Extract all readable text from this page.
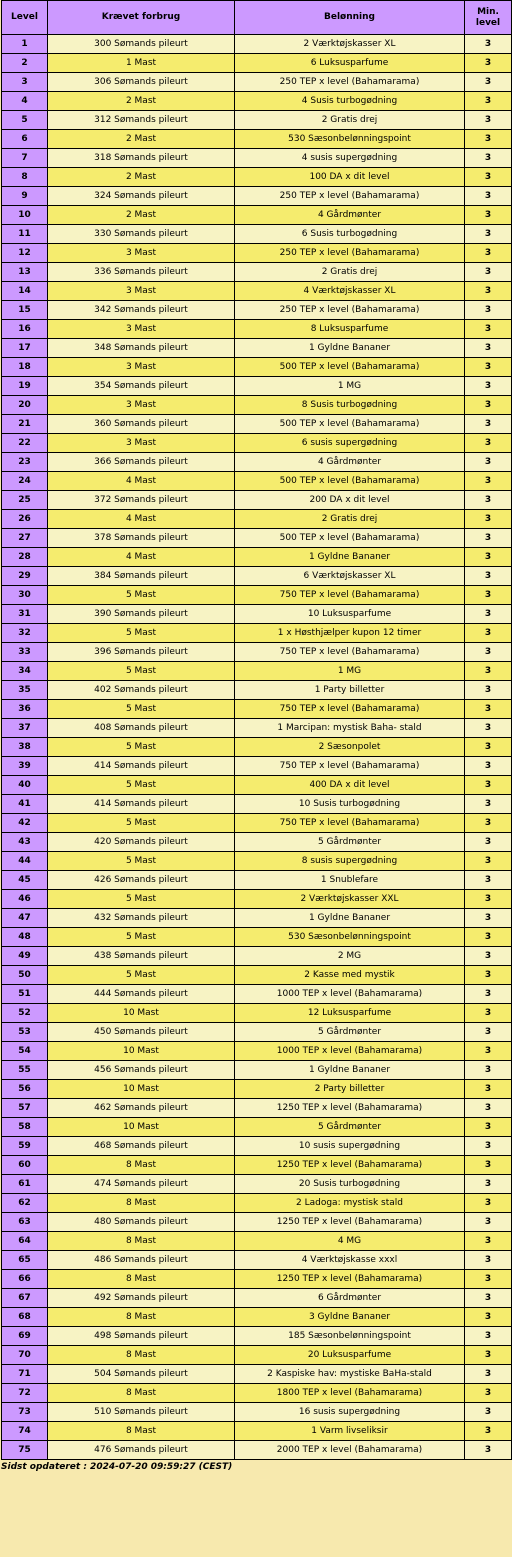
Level	Krævet forbrug	Belønning	Min. level
1	300 Sømands pileurt	2 Værktøjskasser XL	3
2	1 Mast	6 Luksusparfume	3
3	306 Sømands pileurt	250 TEP x level (Bahamarama)	3
4	2 Mast	4 Susis turbogødning	3
5	312 Sømands pileurt	2 Gratis drej	3
6	2 Mast	530 Sæsonbelønningspoint	3
7	318 Sømands pileurt	4 susis supergødning	3
8	2 Mast	100 DA x dit level	3
9	324 Sømands pileurt	250 TEP x level (Bahamarama)	3
10	2 Mast	4 Gårdmønter	3
11	330 Sømands pileurt	6 Susis turbogødning	3
12	3 Mast	250 TEP x level (Bahamarama)	3
13	336 Sømands pileurt	2 Gratis drej	3
14	3 Mast	4 Værktøjskasser XL	3
15	342 Sømands pileurt	250 TEP x level (Bahamarama)	3
16	3 Mast	8 Luksusparfume	3
17	348 Sømands pileurt	1 Gyldne Bananer	3
18	3 Mast	500 TEP x level (Bahamarama)	3
19	354 Sømands pileurt	1 MG	3
20	3 Mast	8 Susis turbogødning	3
21	360 Sømands pileurt	500 TEP x level (Bahamarama)	3
22	3 Mast	6 susis supergødning	3
23	366 Sømands pileurt	4 Gårdmønter	3
24	4 Mast	500 TEP x level (Bahamarama)	3
25	372 Sømands pileurt	200 DA x dit level	3
26	4 Mast	2 Gratis drej	3
27	378 Sømands pileurt	500 TEP x level (Bahamarama)	3
28	4 Mast	1 Gyldne Bananer	3
29	384 Sømands pileurt	6 Værktøjskasser XL	3
30	5 Mast	750 TEP x level (Bahamarama)	3
31	390 Sømands pileurt	10 Luksusparfume	3
32	5 Mast	1 x Høsthjælper kupon 12 timer	3
33	396 Sømands pileurt	750 TEP x level (Bahamarama)	3
34	5 Mast	1 MG	3
35	402 Sømands pileurt	1 Party billetter	3
36	5 Mast	750 TEP x level (Bahamarama)	3
37	408 Sømands pileurt	1 Marcipan: mystisk Baha- stald	3
38	5 Mast	2 Sæsonpolet	3
39	414 Sømands pileurt	750 TEP x level (Bahamarama)	3
40	5 Mast	400 DA x dit level	3
41	414 Sømands pileurt	10 Susis turbogødning	3
42	5 Mast	750 TEP x level (Bahamarama)	3
43	420 Sømands pileurt	5 Gårdmønter	3
44	5 Mast	8 susis supergødning	3
45	426 Sømands pileurt	1 Snublefare	3
46	5 Mast	2 Værktøjskasser XXL	3
47	432 Sømands pileurt	1 Gyldne Bananer	3
48	5 Mast	530 Sæsonbelønningspoint	3
49	438 Sømands pileurt	2 MG	3
50	5 Mast	2 Kasse med mystik	3
51	444 Sømands pileurt	1000 TEP x level (Bahamarama)	3
52	10 Mast	12 Luksusparfume	3
53	450 Sømands pileurt	5 Gårdmønter	3
54	10 Mast	1000 TEP x level (Bahamarama)	3
55	456 Sømands pileurt	1 Gyldne Bananer	3
56	10 Mast	2 Party billetter	3
57	462 Sømands pileurt	1250 TEP x level (Bahamarama)	3
58	10 Mast	5 Gårdmønter	3
59	468 Sømands pileurt	10 susis supergødning	3
60	8 Mast	1250 TEP x level (Bahamarama)	3
61	474 Sømands pileurt	20 Susis turbogødning	3
62	8 Mast	2 Ladoga: mystisk stald	3
63	480 Sømands pileurt	1250 TEP x level (Bahamarama)	3
64	8 Mast	4 MG	3
65	486 Sømands pileurt	4 Værktøjskasse xxxl	3
66	8 Mast	1250 TEP x level (Bahamarama)	3
67	492 Sømands pileurt	6 Gårdmønter	3
68	8 Mast	3 Gyldne Bananer	3
69	498 Sømands pileurt	185 Sæsonbelønningspoint	3
70	8 Mast	20 Luksusparfume	3
71	504 Sømands pileurt	2 Kaspiske hav: mystiske BaHa-stald	3
72	8 Mast	1800 TEP x level (Bahamarama)	3
73	510 Sømands pileurt	16 susis supergødning	3
74	8 Mast	1 Varm livseliksir	3
75	476 Sømands pileurt	2000 TEP x level (Bahamarama)	3
Sidst opdateret : 2024-07-20 09:59:27 (CEST)
